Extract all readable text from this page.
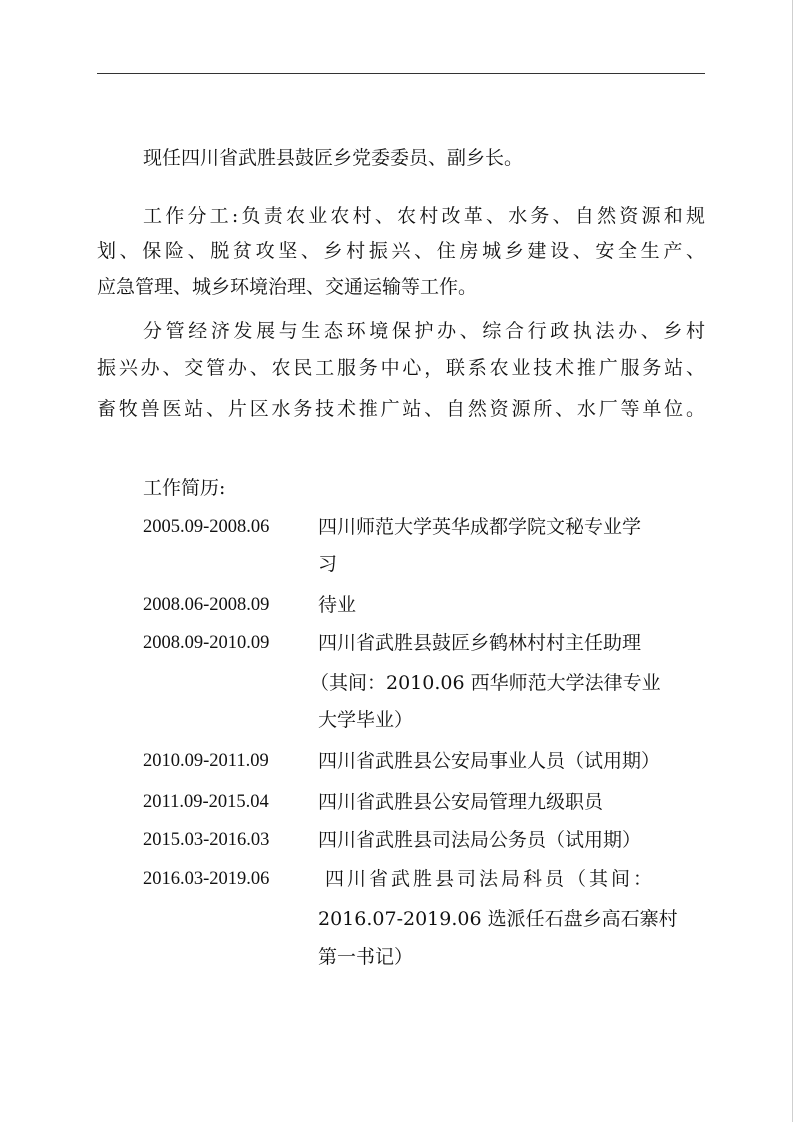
现任四川省武胜县鼓匠乡党委委员、副乡长。

工作分工:负责农业农村、农村改革、水务、自然资源和规

划、保险、脱贫攻坚、乡村振兴、住房城乡建设、安全生产、

应急管理、城乡环境治理、交通运输等工作。

分管经济发展与生态环境保护办、综合行政执法办、乡村

振兴办、交管办、农民工服务中心，联系农业技术推广服务站、

畜牧兽医站、片区水务技术推广站、自然资源所、水厂等单位。

工作简历:

2005.09-2008.06	四川师范大学英华成都学院文秘专业学
习
2008.06-2008.09	待业
2008.09-2010.09	四川省武胜县鼓匠乡鹤林村村主任助理
（其间：2010.06 西华师范大学法律专业
大学毕业）
2010.09-2011.09	四川省武胜县公安局事业人员（试用期）
2011.09-2015.04	四川省武胜县公安局管理九级职员
2015.03-2016.03	四川省武胜县司法局公务员（试用期）
2016.03-2019.06	四川省武胜县司法局科员（其间：
2016.07-2019.06 选派任石盘乡高石寨村
第一书记）
